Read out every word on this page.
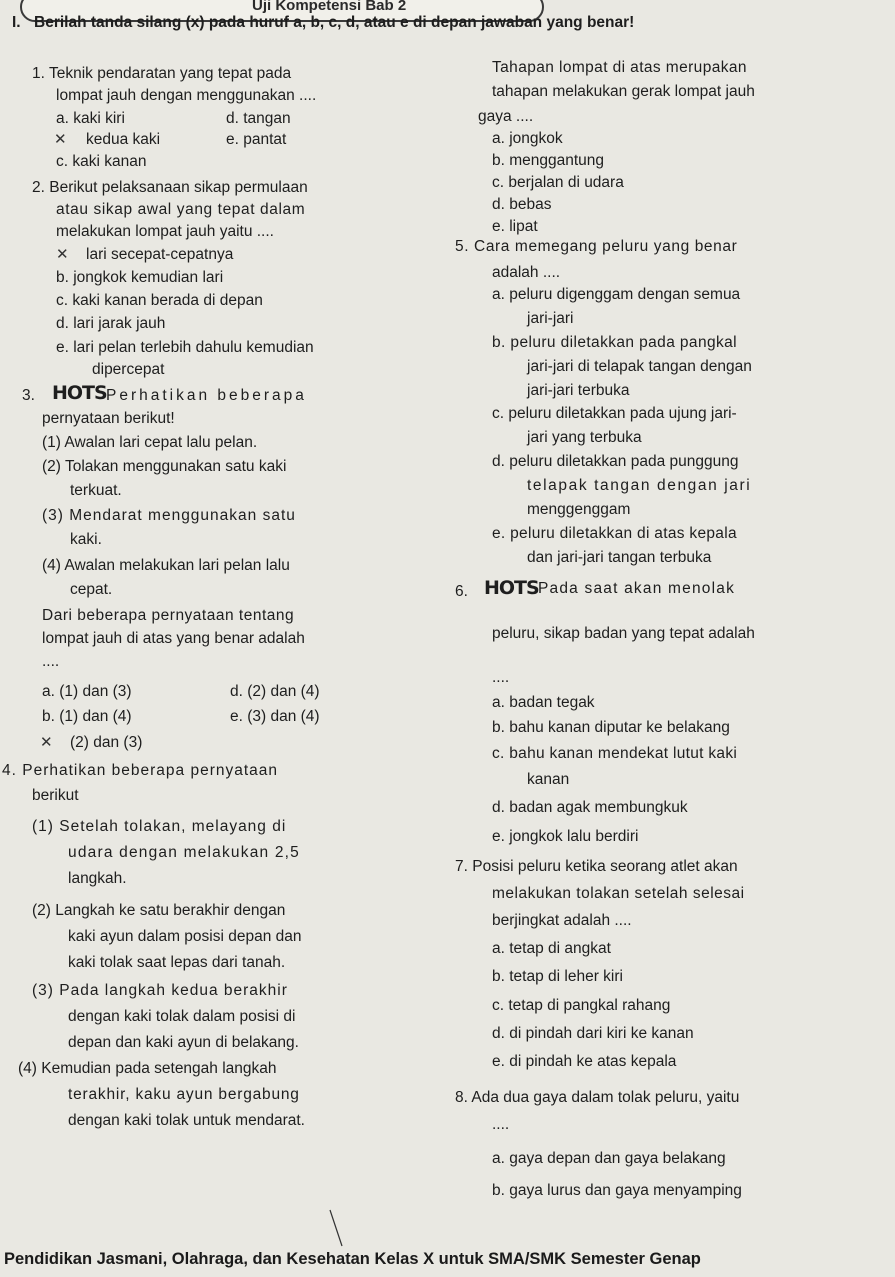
Uji Kompetensi Bab 2
I. Berilah tanda silang (x) pada huruf a, b, c, d, atau e di depan jawaban yang benar!
1. Teknik pendaratan yang tepat pada
lompat jauh dengan menggunakan ....
a. kaki kiri	d. tangan
✕ kedua kaki	e. pantat
c. kaki kanan
2. Berikut pelaksanaan sikap permulaan
atau sikap awal yang tepat dalam
melakukan lompat jauh yaitu ....
✕ lari secepat-cepatnya
b. jongkok kemudian lari
c. kaki kanan berada di depan
d. lari jarak jauh
e. lari pelan terlebih dahulu kemudian
dipercepat
3. HOTS Perhatikan beberapa
pernyataan berikut!
(1) Awalan lari cepat lalu pelan.
(2) Tolakan menggunakan satu kaki
terkuat.
(3) Mendarat menggunakan satu
kaki.
(4) Awalan melakukan lari pelan lalu
cepat.
Dari beberapa pernyataan tentang
lompat jauh di atas yang benar adalah
....
a. (1) dan (3)	d. (2) dan (4)
b. (1) dan (4)	e. (3) dan (4)
✕ (2) dan (3)
4. Perhatikan beberapa pernyataan
berikut
(1) Setelah tolakan, melayang di
udara dengan melakukan 2,5
langkah.
(2) Langkah ke satu berakhir dengan
kaki ayun dalam posisi depan dan
kaki tolak saat lepas dari tanah.
(3) Pada langkah kedua berakhir
dengan kaki tolak dalam posisi di
depan dan kaki ayun di belakang.
(4) Kemudian pada setengah langkah
terakhir, kaku ayun bergabung
dengan kaki tolak untuk mendarat.
Tahapan lompat di atas merupakan
tahapan melakukan gerak lompat jauh
gaya ....
a. jongkok
b. menggantung
c. berjalan di udara
d. bebas
e. lipat
5. Cara memegang peluru yang benar
adalah ....
a. peluru digenggam dengan semua
jari-jari
b. peluru diletakkan pada pangkal
jari-jari di telapak tangan dengan
jari-jari terbuka
c. peluru diletakkan pada ujung jari-
jari yang terbuka
d. peluru diletakkan pada punggung
telapak tangan dengan jari
menggenggam
e. peluru diletakkan di atas kepala
dan jari-jari tangan terbuka
6. HOTS Pada saat akan menolak
peluru, sikap badan yang tepat adalah
....
a. badan tegak
b. bahu kanan diputar ke belakang
c. bahu kanan mendekat lutut kaki
kanan
d. badan agak membungkuk
e. jongkok lalu berdiri
7. Posisi peluru ketika seorang atlet akan
melakukan tolakan setelah selesai
berjingkat adalah ....
a. tetap di angkat
b. tetap di leher kiri
c. tetap di pangkal rahang
d. di pindah dari kiri ke kanan
e. di pindah ke atas kepala
8. Ada dua gaya dalam tolak peluru, yaitu
....
a. gaya depan dan gaya belakang
b. gaya lurus dan gaya menyamping
Pendidikan Jasmani, Olahraga, dan Kesehatan Kelas X untuk SMA/SMK Semester Genap
